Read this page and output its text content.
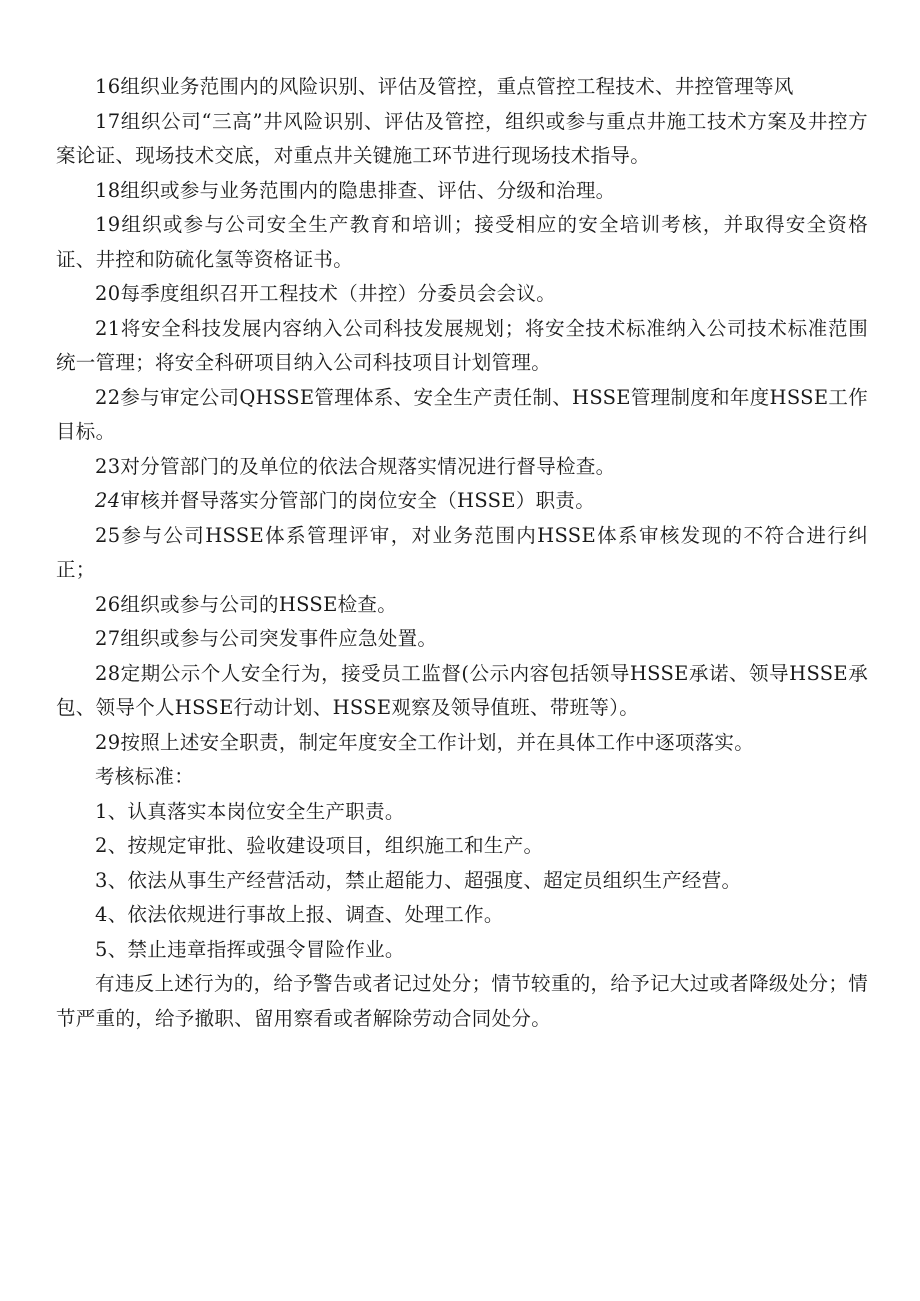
16组织业务范围内的风险识别、评估及管控，重点管控工程技术、井控管理等风

17组织公司“三高”井风险识别、评估及管控，组织或参与重点井施工技术方案及井控方案论证、现场技术交底，对重点井关键施工环节进行现场技术指导。

18组织或参与业务范围内的隐患排查、评估、分级和治理。

19组织或参与公司安全生产教育和培训；接受相应的安全培训考核，并取得安全资格证、井控和防硫化氢等资格证书。

20每季度组织召开工程技术（井控）分委员会会议。

21将安全科技发展内容纳入公司科技发展规划；将安全技术标准纳入公司技术标准范围统一管理；将安全科研项目纳入公司科技项目计划管理。

22参与审定公司QHSSE管理体系、安全生产责任制、HSSE管理制度和年度HSSE工作目标。

23对分管部门的及单位的依法合规落实情况进行督导检查。

24审核并督导落实分管部门的岗位安全（HSSE）职责。

25参与公司HSSE体系管理评审，对业务范围内HSSE体系审核发现的不符合进行纠正；

26组织或参与公司的HSSE检查。

27组织或参与公司突发事件应急处置。

28定期公示个人安全行为，接受员工监督(公示内容包括领导HSSE承诺、领导HSSE承包、领导个人HSSE行动计划、HSSE观察及领导值班、带班等）。

29按照上述安全职责，制定年度安全工作计划，并在具体工作中逐项落实。

考核标准：

1、认真落实本岗位安全生产职责。

2、按规定审批、验收建设项目，组织施工和生产。

3、依法从事生产经营活动，禁止超能力、超强度、超定员组织生产经营。

4、依法依规进行事故上报、调查、处理工作。

5、禁止违章指挥或强令冒险作业。

有违反上述行为的，给予警告或者记过处分；情节较重的，给予记大过或者降级处分；情节严重的，给予撤职、留用察看或者解除劳动合同处分。
